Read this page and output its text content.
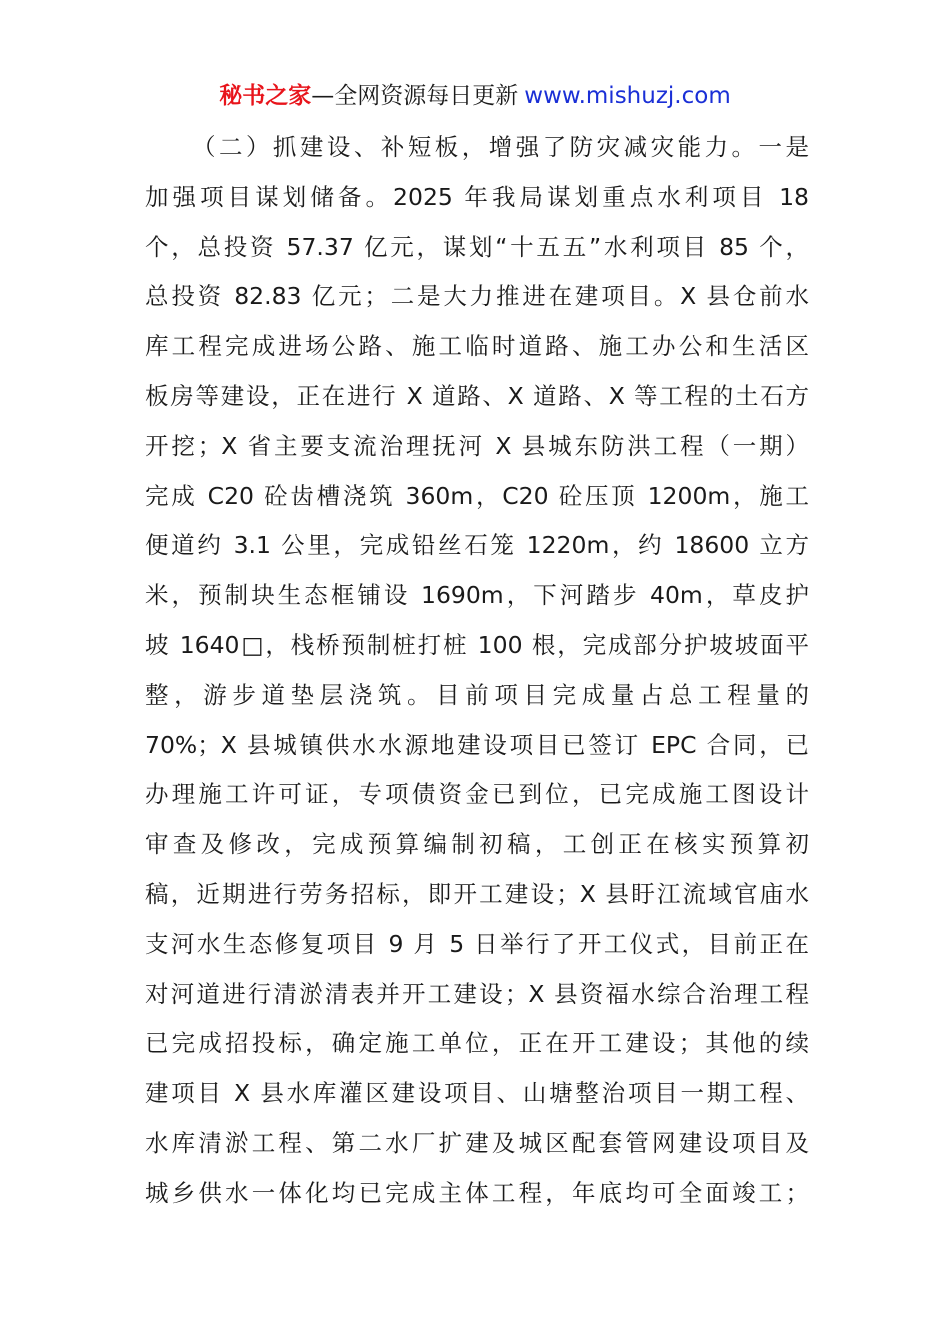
秘书之家—全网资源每日更新 www.mishuzj.com
（二）抓建设、补短板，增强了防灾减灾能力。一是
加强项目谋划储备。2025 年我局谋划重点水利项目 18
个，总投资 57.37 亿元，谋划“十五五”水利项目 85 个，
总投资 82.83 亿元；二是大力推进在建项目。X 县仓前水
库工程完成进场公路、施工临时道路、施工办公和生活区
板房等建设，正在进行 X 道路、X 道路、X 等工程的土石方
开挖；X 省主要支流治理抚河 X 县城东防洪工程（一期）
完成 C20 砼齿槽浇筑 360m，C20 砼压顶 1200m，施工
便道约 3.1 公里，完成铅丝石笼 1220m，约 18600 立方
米，预制块生态框铺设 1690m，下河踏步 40m，草皮护
坡 1640□，栈桥预制桩打桩 100 根，完成部分护坡坡面平
整，游步道垫层浇筑。目前项目完成量占总工程量的
70%；X 县城镇供水水源地建设项目已签订 EPC 合同，已
办理施工许可证，专项债资金已到位，已完成施工图设计
审查及修改，完成预算编制初稿，工创正在核实预算初
稿，近期进行劳务招标，即开工建设；X 县盱江流域官庙水
支河水生态修复项目 9 月 5 日举行了开工仪式，目前正在
对河道进行清淤清表并开工建设；X 县资福水综合治理工程
已完成招投标，确定施工单位，正在开工建设；其他的续
建项目 X 县水库灌区建设项目、山塘整治项目一期工程、
水库清淤工程、第二水厂扩建及城区配套管网建设项目及
城乡供水一体化均已完成主体工程，年底均可全面竣工；
